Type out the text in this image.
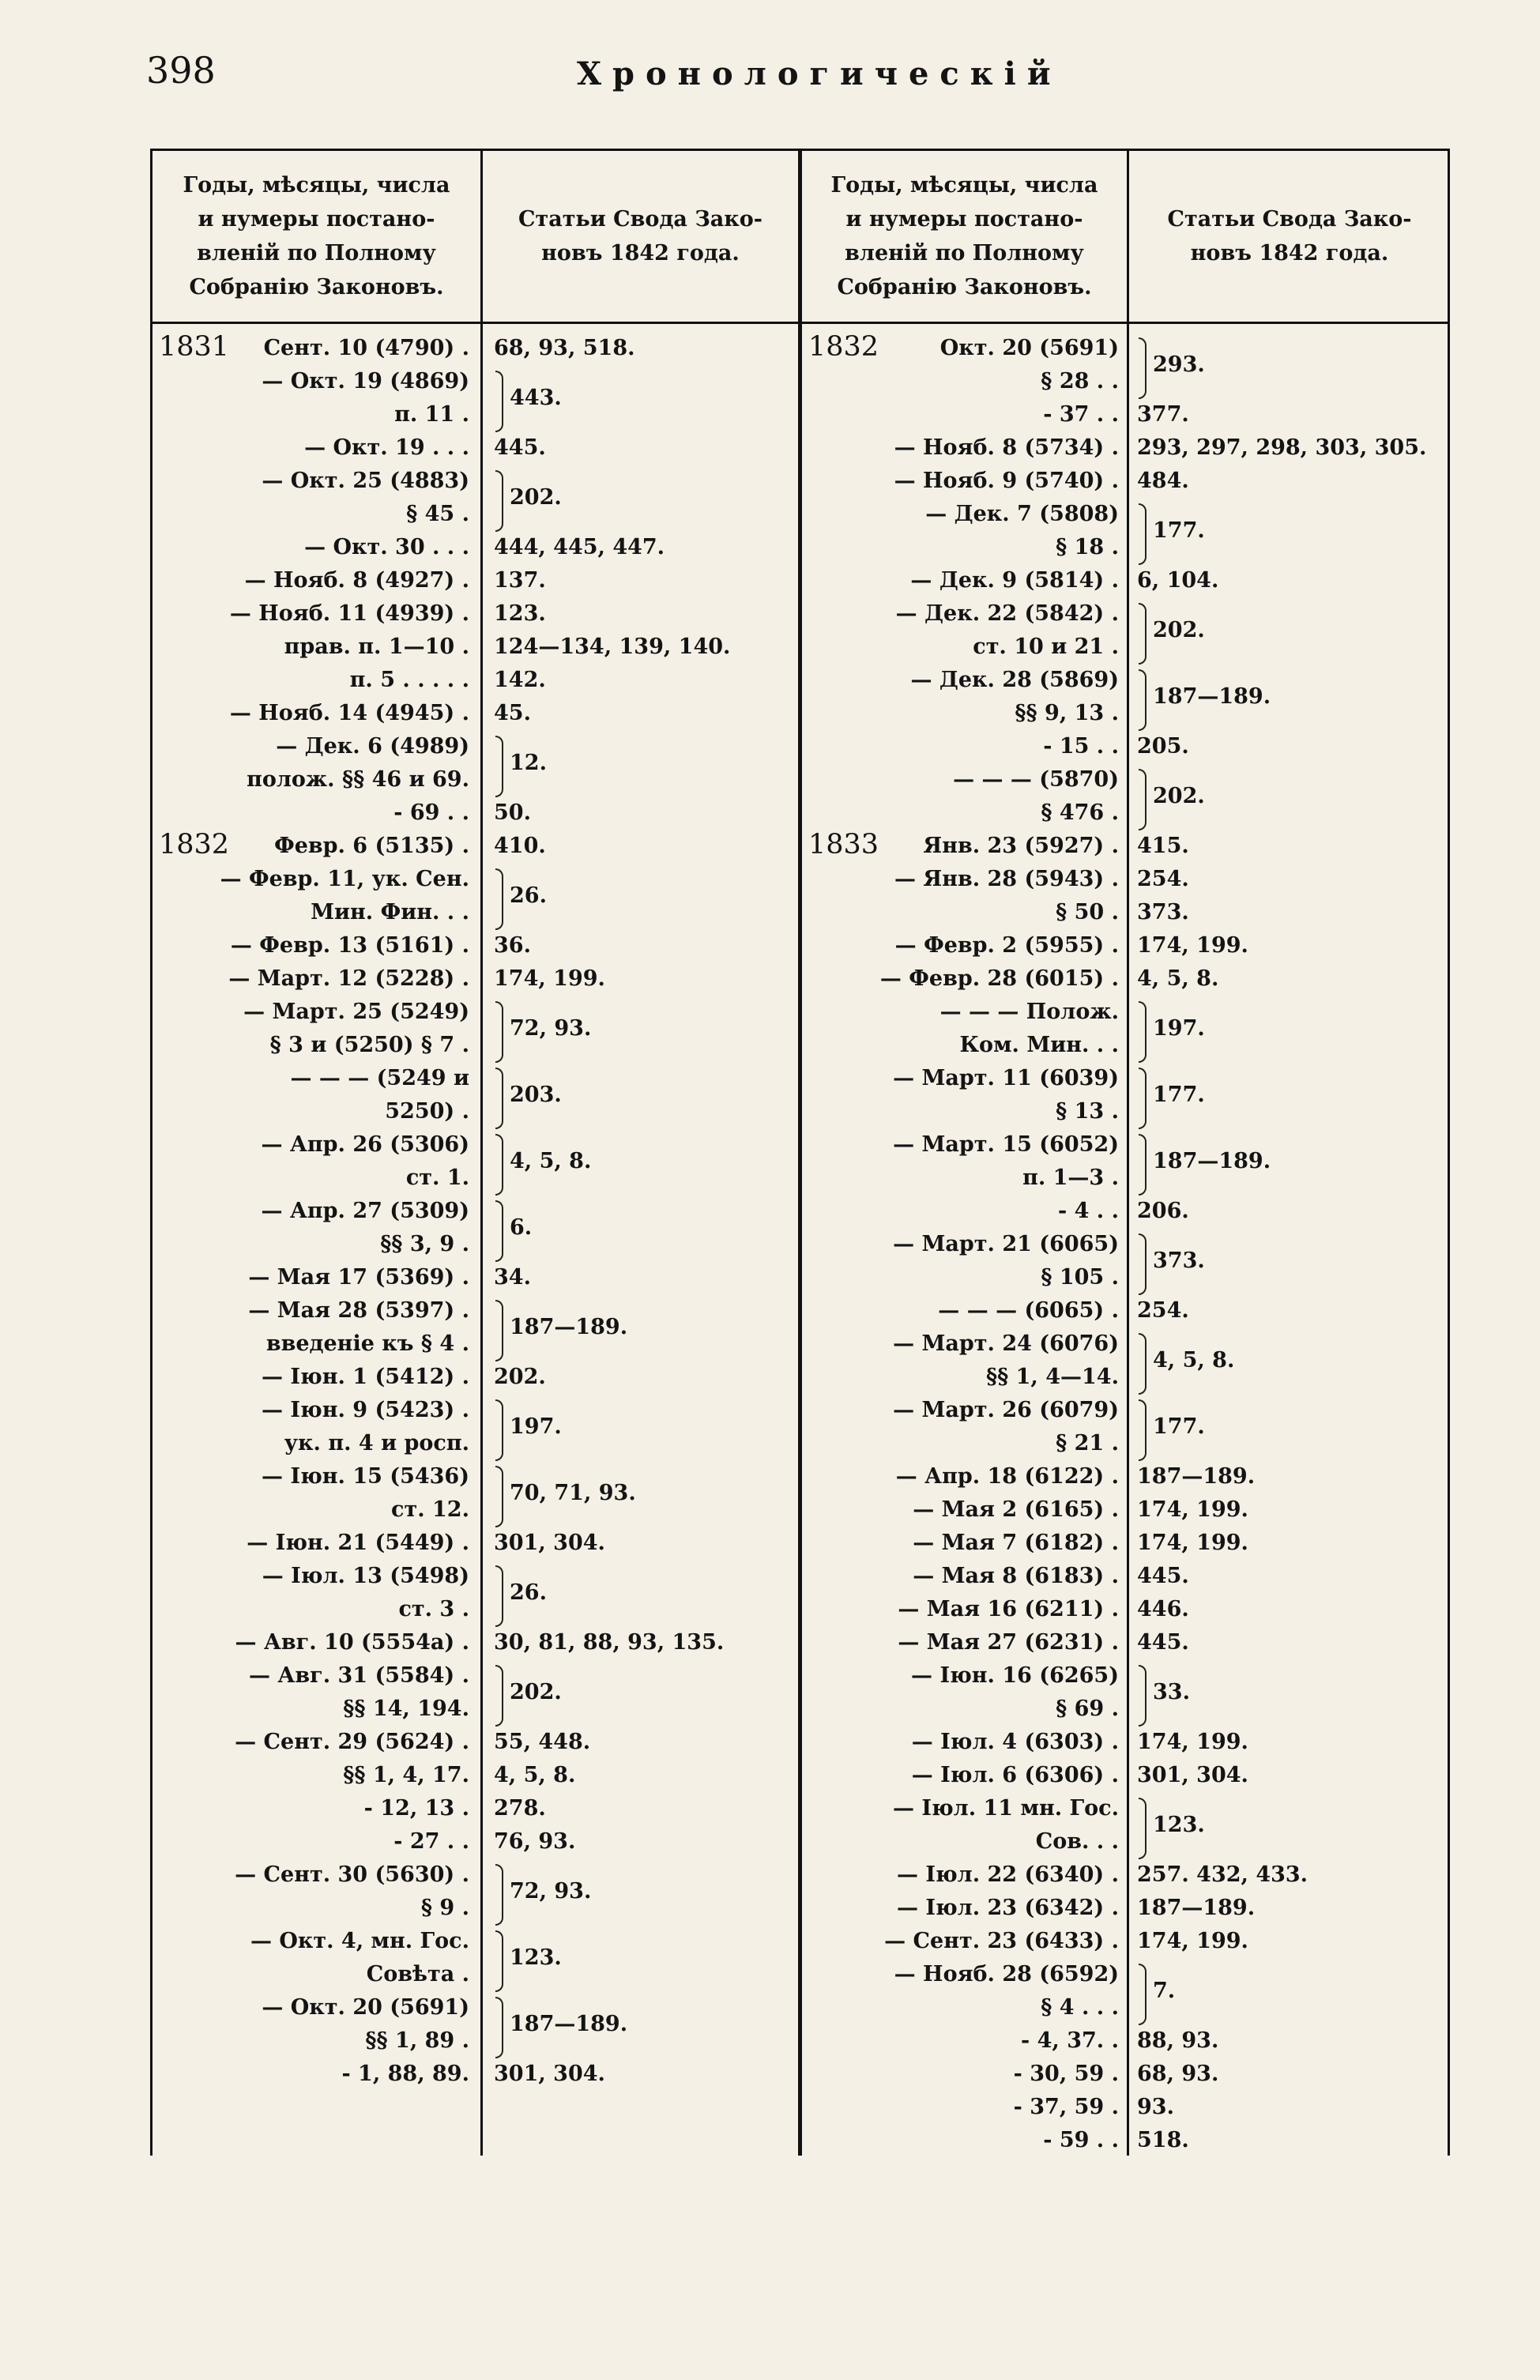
398	Хронологическій
Годы, мѣсяцы, числа
и нумеры постано-
вленій по Полному
Собранію Законовъ.
Статьи Свода Зако-
новъ 1842 года.
Годы, мѣсяцы, числа
и нумеры постано-
вленій по Полному
Собранію Законовъ.
Статьи Свода Зако-
новъ 1842 года.
1831 Сент. 10 (4790) . 68, 93, 518.
— Окт. 19 (4869)
443.
п. 11 .
— Окт. 19 . . . 445.
— Окт. 25 (4883)
202.
§ 45 .
— Окт. 30 . . . 444, 445, 447.
— Нояб. 8 (4927) . 137.
— Нояб. 11 (4939) . 123.
прав. п. 1—10 . 124—134, 139, 140.
п. 5 . . . . . 142.
— Нояб. 14 (4945) . 45.
— Дек. 6 (4989)
12.
полож. §§ 46 и 69.
- 69 . . 50.
1832 Февр. 6 (5135) . 410.
— Февр. 11, ук. Сен.
26.
Мин. Фин. . .
— Февр. 13 (5161) . 36.
— Март. 12 (5228) . 174, 199.
— Март. 25 (5249)
72, 93.
§ 3 и (5250) § 7 .
— — — (5249 и
203.
5250) .
— Апр. 26 (5306)
4, 5, 8.
ст. 1.
— Апр. 27 (5309)
6.
§§ 3, 9 .
— Мая 17 (5369) . 34.
— Мая 28 (5397) .
187—189.
введеніе къ § 4 .
— Іюн. 1 (5412) . 202.
— Іюн. 9 (5423) .
197.
ук. п. 4 и росп.
— Іюн. 15 (5436)
70, 71, 93.
ст. 12.
— Іюн. 21 (5449) . 301, 304.
— Іюл. 13 (5498)
26.
ст. 3 .
— Авг. 10 (5554а) . 30, 81, 88, 93, 135.
— Авг. 31 (5584) .
202.
§§ 14, 194.
— Сент. 29 (5624) . 55, 448.
§§ 1, 4, 17. 4, 5, 8.
- 12, 13 . 278.
- 27 . . 76, 93.
— Сент. 30 (5630) .
72, 93.
§ 9 .
— Окт. 4, мн. Гос.
123.
Совѣта .
— Окт. 20 (5691)
187—189.
§§ 1, 89 .
- 1, 88, 89. 301, 304.
1832	Окт. 20 (5691)
293.
§ 28 . .
- 37 . . 377.
— Нояб. 8 (5734) . 293, 297, 298, 303, 305.
— Нояб. 9 (5740) . 484.
— Дек. 7 (5808)
177.
§ 18 .
— Дек. 9 (5814) . 6, 104.
— Дек. 22 (5842) .
202.
ст. 10 и 21 .
— Дек. 28 (5869)
187—189.
§§ 9, 13 .
- 15 . . 205.
— — — (5870)
202.
§ 476 .
1833 Янв. 23 (5927) . 415.
— Янв. 28 (5943) . 254.
§ 50 . 373.
— Февр. 2 (5955) . 174, 199.
— Февр. 28 (6015) . 4, 5, 8.
— — — Полож.
197.
Ком. Мин. . .
— Март. 11 (6039)
177.
§ 13 .
— Март. 15 (6052)
187—189.
п. 1—3 .
- 4 . . 206.
— Март. 21 (6065)
373.
§ 105 .
— — — (6065) . 254.
— Март. 24 (6076)
4, 5, 8.
§§ 1, 4—14.
— Март. 26 (6079)
177.
§ 21 .
— Апр. 18 (6122) . 187—189.
— Мая 2 (6165) . 174, 199.
— Мая 7 (6182) . 174, 199.
— Мая 8 (6183) . 445.
— Мая 16 (6211) . 446.
— Мая 27 (6231) . 445.
— Іюн. 16 (6265)
33.
§ 69 .
— Іюл. 4 (6303) . 174, 199.
— Іюл. 6 (6306) . 301, 304.
— Іюл. 11 мн. Гос.
123.
Сов. . .
— Іюл. 22 (6340) . 257. 432, 433.
— Іюл. 23 (6342) . 187—189.
— Сент. 23 (6433) . 174, 199.
— Нояб. 28 (6592)
7.
§ 4 . . .
- 4, 37. . 88, 93.
- 30, 59 . 68, 93.
- 37, 59 . 93.
- 59 . . 518.
